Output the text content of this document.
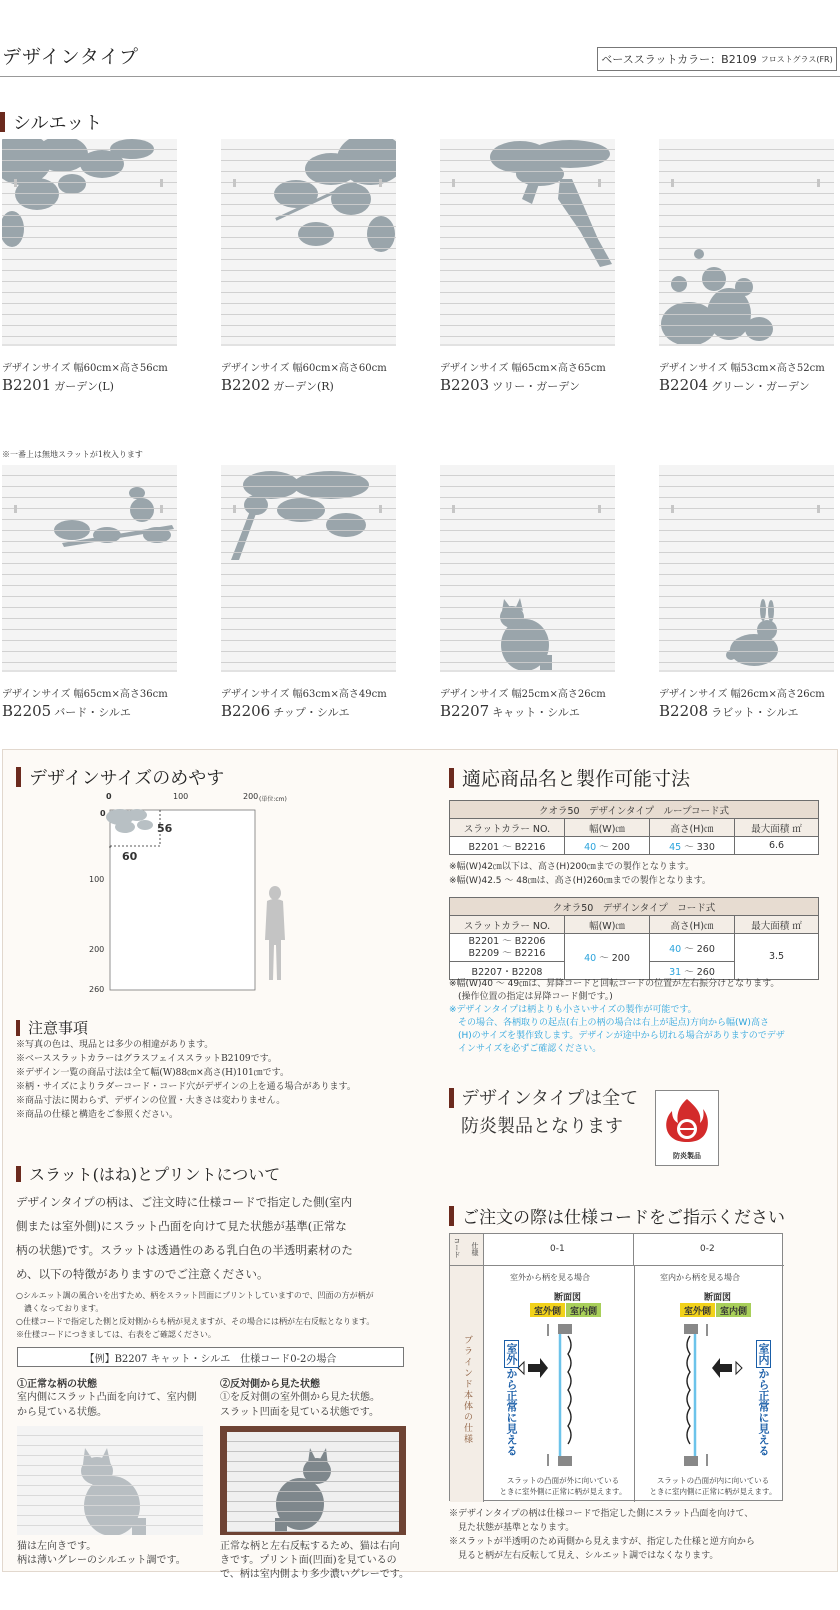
デザインタイプ	ベーススラットカラー：B2109 フロストグラス(FR)
シルエット
デザインサイズ 幅60cm×高さ56cm
B2201 ガーデン(L)
デザインサイズ 幅60cm×高さ60cm
B2202 ガーデン(R)
デザインサイズ 幅65cm×高さ65cm
B2203 ツリー・ガーデン
デザインサイズ 幅53cm×高さ52cm
B2204 グリーン・ガーデン
※一番上は無地スラットが1枚入ります
デザインサイズ 幅65cm×高さ36cm
B2205 バード・シルエ
デザインサイズ 幅63cm×高さ49cm
B2206 チップ・シルエ
デザインサイズ 幅25cm×高さ26cm
B2207 キャット・シルエ
デザインサイズ 幅26cm×高さ26cm
B2208 ラビット・シルエ
デザインサイズのめやす
0	100	200 (単位:cm)
0
100
200
260
56
60
注意事項
※写真の色は、現品とは多少の相違があります。
※ベーススラットカラーはグラスフェイススラットB2109です。
※デザイン一覧の商品寸法は全て幅(W)88㎝×高さ(H)101㎝です。
※柄・サイズによりラダーコード・コード穴がデザインの上を通る場合があります。
※商品寸法に関わらず、デザインの位置・大きさは変わりません。
※商品の仕様と構造をご参照ください。
スラット(はね)とプリントについて
デザインタイプの柄は、ご注文時に仕様コードで指定した側(室内
側または室外側)にスラット凸面を向けて見た状態が基準(正常な
柄の状態)です。スラットは透過性のある乳白色の半透明素材のた
め、以下の特徴がありますのでご注意ください。
○シルエット調の風合いを出すため、柄をスラット凹面にプリントしていますので、凹面の方が柄が
　濃くなっております。
○仕様コードで指定した側と反対側からも柄が見えますが、その場合には柄が左右反転となります。
※仕様コードにつきましては、右表をご確認ください。
【例】B2207 キャット・シルエ　仕様コード0-2の場合
①正常な柄の状態
室内側にスラット凸面を向けて、室内側
から見ている状態。
猫は左向きです。
柄は薄いグレーのシルエット調です。
②反対側から見た状態
①を反対側の室外側から見た状態。
スラット凹面を見ている状態です。
正常な柄と左右反転するため、猫は右向
きです。プリント面(凹面)を見ているの
で、柄は室内側より多少濃いグレーです。
適応商品名と製作可能寸法
クオラ50　デザインタイプ　ループコード式			
スラットカラー NO.	幅(W)㎝	高さ(H)㎝	最大面積 ㎡
B2201 ～ B2216	40 ～ 200	45 ～ 330	6.6
※幅(W)42㎝以下は、高さ(H)200㎝までの製作となります。
※幅(W)42.5 ～ 48㎝は、高さ(H)260㎝までの製作となります。
クオラ50　デザインタイプ　コード式			
スラットカラー NO.	幅(W)㎝	高さ(H)㎝	最大面積 ㎡

B2201 ～ B2206
B2209 ～ B2216	40 ～ 200	40 ～ 260	3.5
B2207・B2208		31 ～ 260	
※幅(W)40 ～ 49㎝は、昇降コードと回転コードの位置が左右振分けとなります。
　(操作位置の指定は昇降コード側です。)
※デザインタイプは柄よりも小さいサイズの製作が可能です。
　その場合、各柄取りの起点(右上の柄の場合は右上が起点)方向から幅(W)高さ
　(H)のサイズを製作致します。デザインが途中から切れる場合がありますのでデザ
　インサイズを必ずご確認ください。
デザインタイプは全て
防炎製品となります
防炎製品
ご注文の際は仕様コードをご指示ください
コード 仕様	0-1	0-2
ブラインド本体の仕様
室外から柄を見る場合	室内から柄を見る場合
断面図	断面図
室外側 室内側	室外側 室内側
室外から正常に見える
室内から正常に見える
スラットの凸面が外に向いている
ときに室外側に正常に柄が見えます。
スラットの凸面が内に向いている
ときに室内側に正常に柄が見えます。
※デザインタイプの柄は仕様コードで指定した側にスラット凸面を向けて、
　見た状態が基準となります。
※スラットが半透明のため両側から見えますが、指定した仕様と逆方向から
　見ると柄が左右反転して見え、シルエット調ではなくなります。
